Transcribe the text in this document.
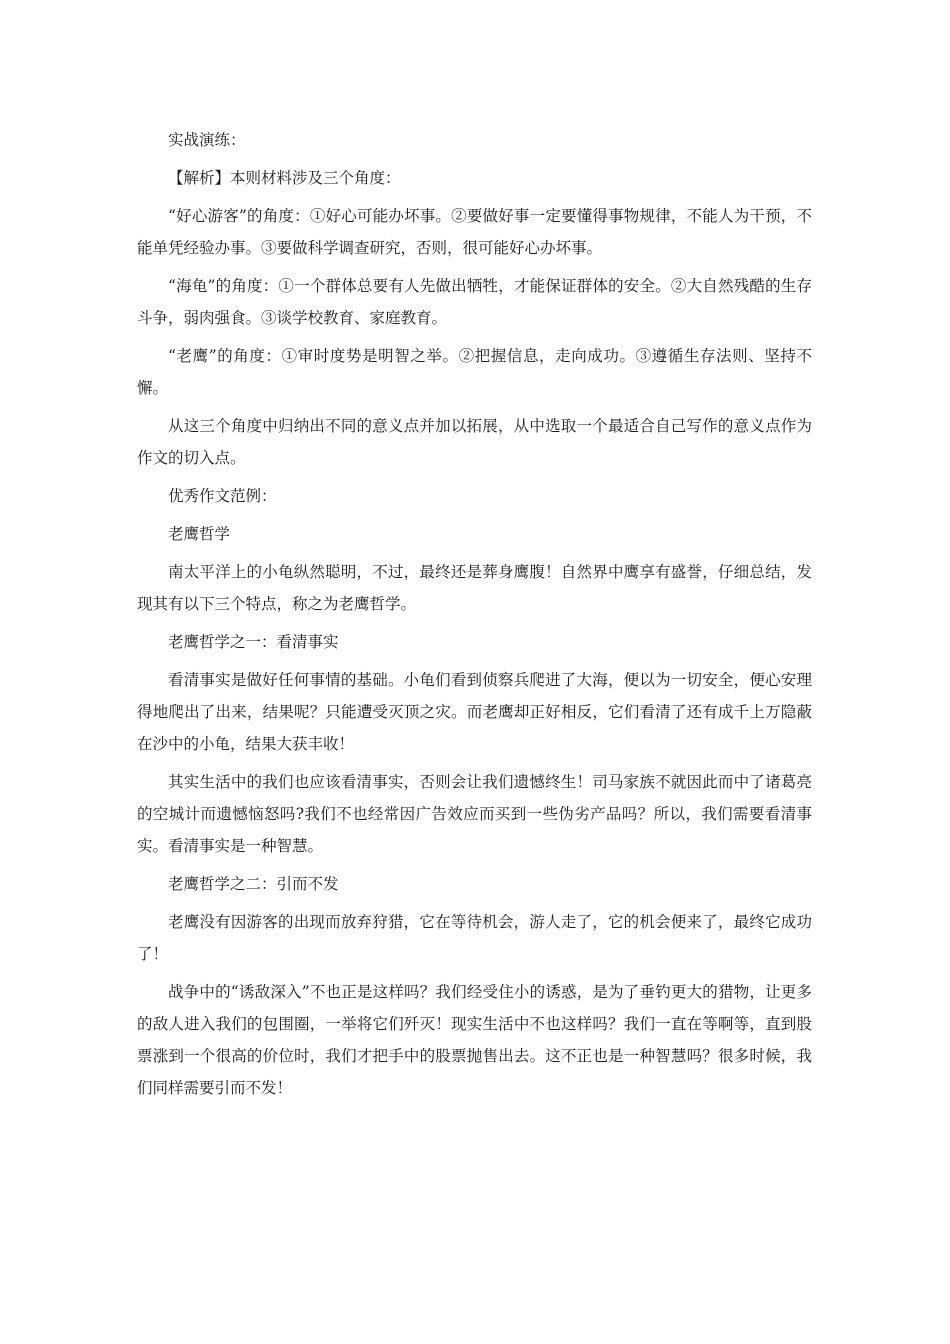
实战演练：

【解析】本则材料涉及三个角度：

“好心游客”的角度：①好心可能办坏事。②要做好事一定要懂得事物规律，不能人为干预，不能单凭经验办事。③要做科学调查研究，否则，很可能好心办坏事。

“海龟”的角度：①一个群体总要有人先做出牺牲，才能保证群体的安全。②大自然残酷的生存斗争，弱肉强食。③谈学校教育、家庭教育。

“老鹰”的角度：①审时度势是明智之举。②把握信息，走向成功。③遵循生存法则、坚持不懈。

从这三个角度中归纳出不同的意义点并加以拓展，从中选取一个最适合自己写作的意义点作为作文的切入点。

优秀作文范例：

老鹰哲学

南太平洋上的小龟纵然聪明，不过，最终还是葬身鹰腹！自然界中鹰享有盛誉，仔细总结，发现其有以下三个特点，称之为老鹰哲学。

老鹰哲学之一：看清事实

看清事实是做好任何事情的基础。小龟们看到侦察兵爬进了大海，便以为一切安全，便心安理得地爬出了出来，结果呢？只能遭受灭顶之灾。而老鹰却正好相反，它们看清了还有成千上万隐蔽在沙中的小龟，结果大获丰收！

其实生活中的我们也应该看清事实，否则会让我们遗憾终生！司马家族不就因此而中了诸葛亮的空城计而遗憾恼怒吗?我们不也经常因广告效应而买到一些伪劣产品吗？所以，我们需要看清事实。看清事实是一种智慧。

老鹰哲学之二：引而不发

老鹰没有因游客的出现而放弃狩猎，它在等待机会，游人走了，它的机会便来了，最终它成功了！

战争中的“诱敌深入”不也正是这样吗？我们经受住小的诱惑，是为了垂钓更大的猎物，让更多的敌人进入我们的包围圈，一举将它们歼灭！现实生活中不也这样吗？我们一直在等啊等，直到股票涨到一个很高的价位时，我们才把手中的股票抛售出去。这不正也是一种智慧吗？很多时候，我们同样需要引而不发！
